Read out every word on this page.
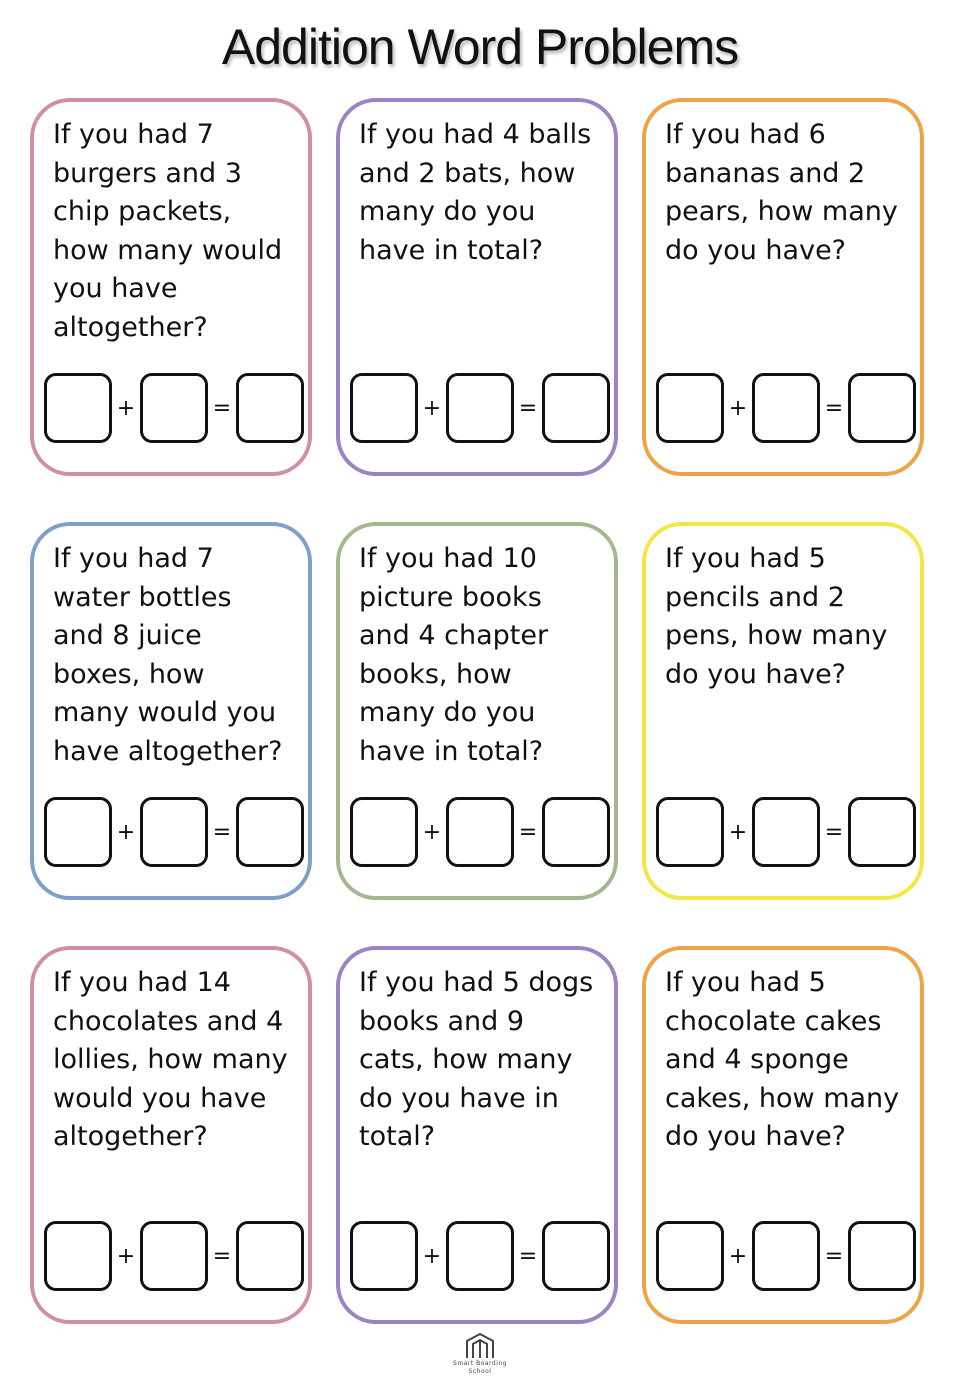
Addition Word Problems
If you had 7
burgers and 3
chip packets,
how many would
you have
altogether?
+	=
If you had 4 balls
and 2 bats, how
many do you
have in total?
+	=
If you had 6
bananas and 2
pears, how many
do you have?
+	=
If you had 7
water bottles
and 8 juice
boxes, how
many would you
have altogether?
+	=
If you had 10
picture books
and 4 chapter
books, how
many do you
have in total?
+	=
If you had 5
pencils and 2
pens, how many
do you have?
+	=
If you had 14
chocolates and 4
lollies, how many
would you have
altogether?
+	=
If you had 5 dogs
books and 9
cats, how many
do you have in
total?
+	=
If you had 5
chocolate cakes
and 4 sponge
cakes, how many
do you have?
+	=
Smart Boarding
School
